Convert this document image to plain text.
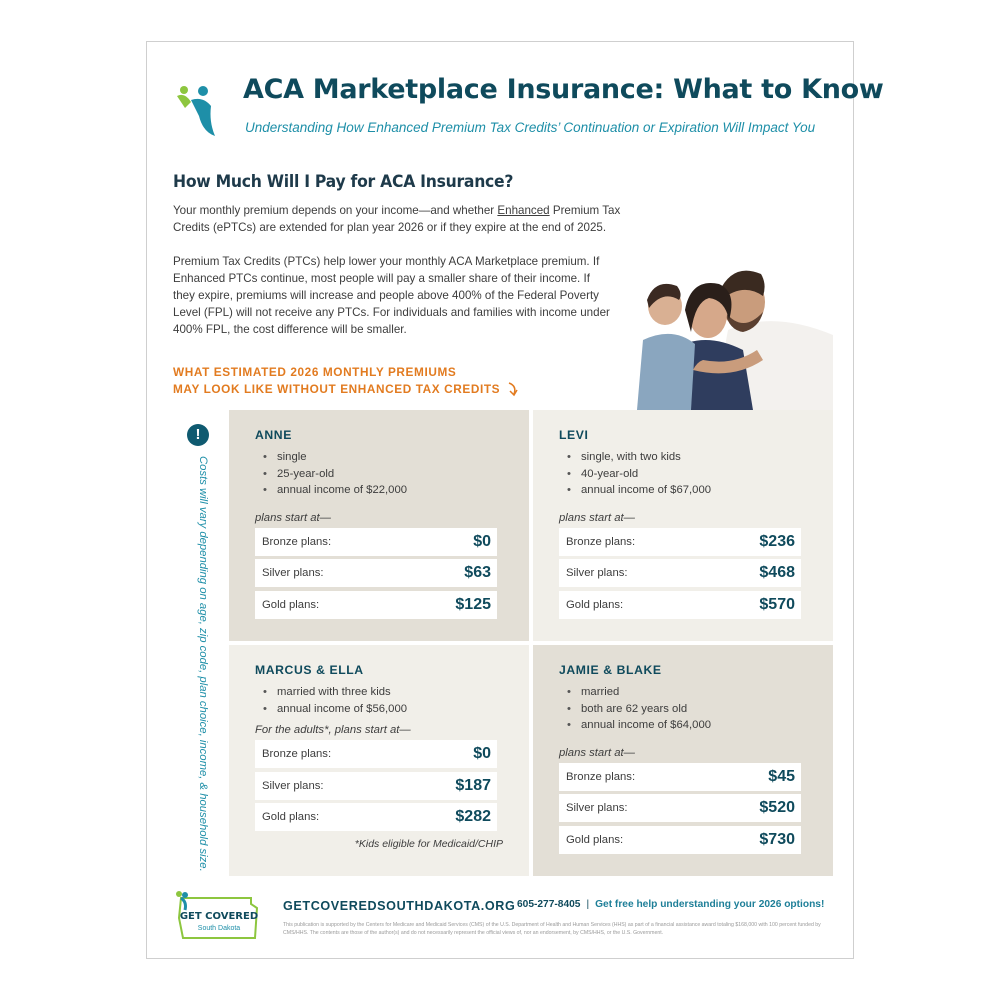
ACA Marketplace Insurance: What to Know
Understanding How Enhanced Premium Tax Credits’ Continuation or Expiration Will Impact You
How Much Will I Pay for ACA Insurance?

Your monthly premium depends on your income—and whether Enhanced Premium Tax Credits (ePTCs) are extended for plan year 2026 or if they expire at the end of 2025.

Premium Tax Credits (PTCs) help lower your monthly ACA Marketplace premium. If Enhanced PTCs continue, most people will pay a smaller share of their income. If they expire, premiums will increase and people above 400% of the Federal Poverty Level (FPL) will not receive any PTCs. For individuals and families with income under 400% FPL, the cost difference will be smaller.

WHAT ESTIMATED 2026 MONTHLY PREMIUMS
MAY LOOK LIKE WITHOUT ENHANCED TAX CREDITS
!
Costs will vary depending on age, zip code, plan choice, income, & household size.
ANNE
• single
• 25-year-old
• annual income of $22,000
plans start at—
Bronze plans:	$0
Silver plans:	$63
Gold plans:	$125
LEVI
• single, with two kids
• 40-year-old
• annual income of $67,000
plans start at—
Bronze plans:	$236
Silver plans:	$468
Gold plans:	$570
MARCUS & ELLA
• married with three kids
• annual income of $56,000
For the adults*, plans start at—
Bronze plans:	$0
Silver plans:	$187
Gold plans:	$282
*Kids eligible for Medicaid/CHIP
JAMIE & BLAKE
• married
• both are 62 years old
• annual income of $64,000
plans start at—
Bronze plans:	$45
Silver plans:	$520
Gold plans:	$730
GET COVERED
South Dakota
GETCOVEREDSOUTHDAKOTA.ORG 605-277-8405 | Get free help understanding your 2026 options!
This publication is supported by the Centers for Medicare and Medicaid Services (CMS) of the U.S. Department of Health and Human Services (HHS) as part of a financial assistance award totaling $168,000 with 100 percent funded by CMS/HHS. The contents are those of the author(s) and do not necessarily represent the official views of, nor an endorsement, by CMS/HHS, or the U.S. Government.
